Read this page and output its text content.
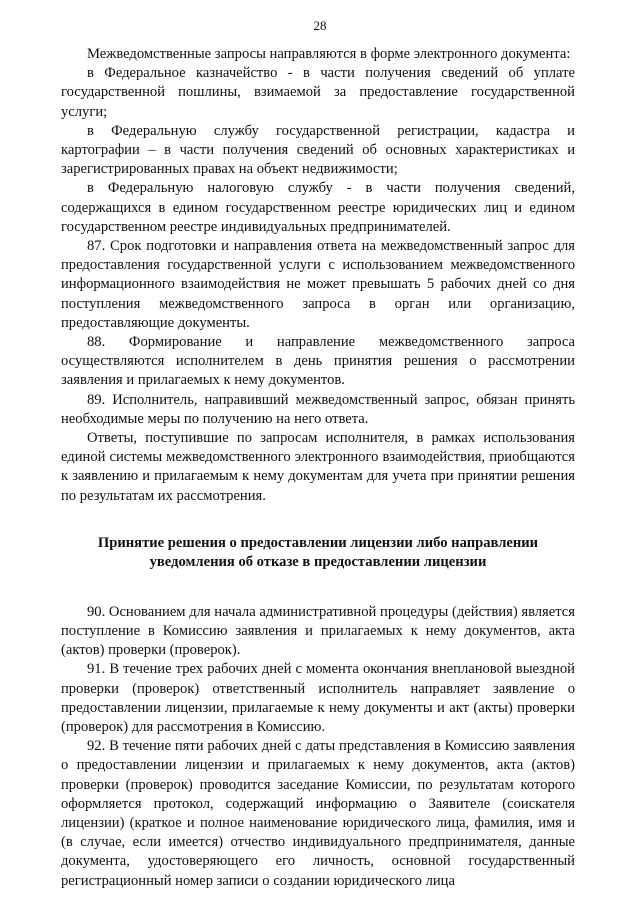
28

Межведомственные запросы направляются в форме электронного документа:

в Федеральное казначейство - в части получения сведений об уплате государственной пошлины, взимаемой за предоставление государственной услуги;

в Федеральную службу государственной регистрации, кадастра и картографии – в части получения сведений об основных характеристиках и зарегистрированных правах на объект недвижимости;

в Федеральную налоговую службу - в части получения сведений, содержащихся в едином государственном реестре юридических лиц и едином государственном реестре индивидуальных предпринимателей.

87. Срок подготовки и направления ответа на межведомственный запрос для предоставления государственной услуги с использованием межведомственного информационного взаимодействия не может превышать 5 рабочих дней со дня поступления межведомственного запроса в орган или организацию, предоставляющие документы.

88. Формирование и направление межведомственного запроса осуществляются исполнителем в день принятия решения о рассмотрении заявления и прилагаемых к нему документов.

89. Исполнитель, направивший межведомственный запрос, обязан принять необходимые меры по получению на него ответа.

Ответы, поступившие по запросам исполнителя, в рамках использования единой системы межведомственного электронного взаимодействия, приобщаются к заявлению и прилагаемым к нему документам для учета при принятии решения по результатам их рассмотрения.

Принятие решения о предоставлении лицензии либо направлении
уведомления об отказе в предоставлении лицензии

90. Основанием для начала административной процедуры (действия) является поступление в Комиссию заявления и прилагаемых к нему документов, акта (актов) проверки (проверок).

91. В течение трех рабочих дней с момента окончания внеплановой выездной проверки (проверок) ответственный исполнитель направляет заявление о предоставлении лицензии, прилагаемые к нему документы и акт (акты) проверки (проверок) для рассмотрения в Комиссию.

92. В течение пяти рабочих дней с даты представления в Комиссию заявления о предоставлении лицензии и прилагаемых к нему документов, акта (актов) проверки (проверок) проводится заседание Комиссии, по результатам которого оформляется протокол, содержащий информацию о Заявителе (соискателя лицензии) (краткое и полное наименование юридического лица, фамилия, имя и (в случае, если имеется) отчество индивидуального предпринимателя, данные документа, удостоверяющего его личность, основной государственный регистрационный номер записи о создании юридического лица
